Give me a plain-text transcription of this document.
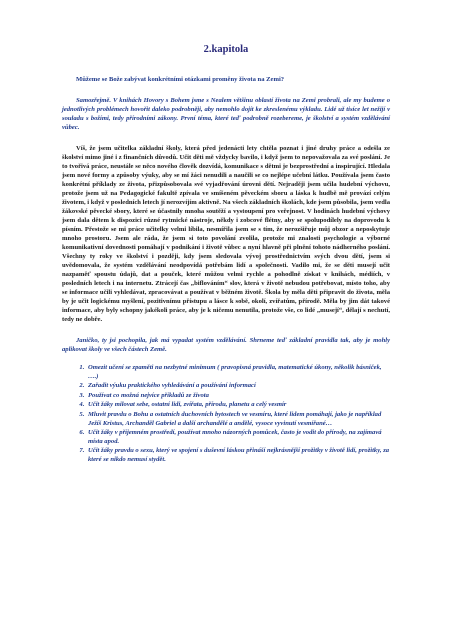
2.kapitola

Můžeme se Bože zabývat konkrétními otázkami proměny života na Zemi?

Samozřejmě. V knihách Hovory s Bohem jsme s Nealem většinu oblastí života na Zemi probrali, ale my budeme o jednotlivých problémech hovořit daleko podrobněji, aby nemohlo dojít ke zkreslenému výkladu. Lidé už tisíce let nežijí v souladu s božími, tedy přírodními zákony. První téma, které teď podrobně rozebereme, je školství a systém vzdělávání vůbec.

Víš, že jsem učitelka základní školy, která před jedenácti lety chtěla poznat i jiné druhy práce a odešla ze školství mimo jiné i z finančních důvodů. Učit děti mě vždycky bavilo, i když jsem to nepovažovala za své poslání. Je to tvořivá práce, neustále se něco nového člověk dozvídá, komunikace s dětmi je bezprostřední a inspirující. Hledala jsem nové formy a způsoby výuky, aby se mí žáci nenudili a naučili se co nejlépe učební látku. Používala jsem často konkrétní příklady ze života, přizpůsobovala své vyjadřování úrovni dětí. Nejraději jsem učila hudební výchovu, protože jsem už na Pedagogické fakultě zpívala ve smíšeném pěveckém sboru a láska k hudbě mě provází celým životem, i když v posledních letech jí nerozvíjím aktivně. Na všech základních školách, kde jsem působila, jsem vedla žákovské pěvecké sbory, které se účastnily mnoha soutěží a vystoupení pro veřejnost. V hodinách hudební výchovy jsem dala dětem k dispozici různé rytmické nástroje, někdy i zobcové flétny, aby se spolupodílely na doprovodu k písním. Přestože se mi práce učitelky velmi líbila, nesmířila jsem se s tím, že nerozšiřuje můj obzor a neposkytuje mnoho prostoru. Jsem ale ráda, že jsem si toto povolání zvolila, protože mi znalosti psychologie a výborné komunikativní dovednosti pomáhají v podnikání i životě vůbec a nyní hlavně při plnění tohoto nádherného poslání. Všechny ty roky ve školství i později, kdy jsem sledovala vývoj prostřednictvím svých dvou dětí, jsem si uvědomovala, že systém vzdělávání neodpovídá potřebám lidí a společnosti. Vadilo mi, že se děti musejí učit nazpaměť spoustu údajů, dat a pouček, které můžou velmi rychle a pohodlně získat v knihách, médiích, v posledních letech i na internetu. Ztrácejí čas „biflováním“ slov, která v životě nebudou potřebovat, místo toho, aby se informace učili vyhledávat, zpracovávat a používat v běžném životě. Škola by měla děti připravit do života, měla by je učit logickému myšlení, pozitivnímu přístupu a lásce k sobě, okolí, zvířatům, přírodě. Měla by jim dát takové informace, aby byly schopny jakékoli práce, aby je k ničemu nenutila, protože vše, co lidé „musejí“, dělají s nechutí, tedy ne dobře.

Janičko, ty jsi pochopila, jak má vypadat systém vzdělávání. Shrneme teď základní pravidla tak, aby je mohly aplikovat školy ve všech částech Země.

1. Omezit učení se zpaměti na nezbytné minimum ( pravopisná pravidla, matematické úkony, několik básniček, ….)
2. Zařadit výuku praktického vyhledávání a používání informací
3. Používat co možná nejvíce příkladů ze života
4. Učit žáky milovat sebe, ostatní lidi, zvířata, přírodu, planetu a celý vesmír
5. Mluvit pravdu o Bohu a ostatních duchovních bytostech ve vesmíru, které lidem pomáhají, jako je například Ježíš Kristus, Archanděl Gabriel a další archandělé a andělé, vysoce vyvinutí vesmířané…
6. Učit žáky v příjemném prostředí, používat mnoho názorných pomůcek, často je vodit do přírody, na zajímavá místa apod.
7. Učit žáky pravdu o sexu, který ve spojení s duševní láskou přináší nejkrásnější prožitky v životě lidí, prožitky, za které se nikdo nemusí stydět.
